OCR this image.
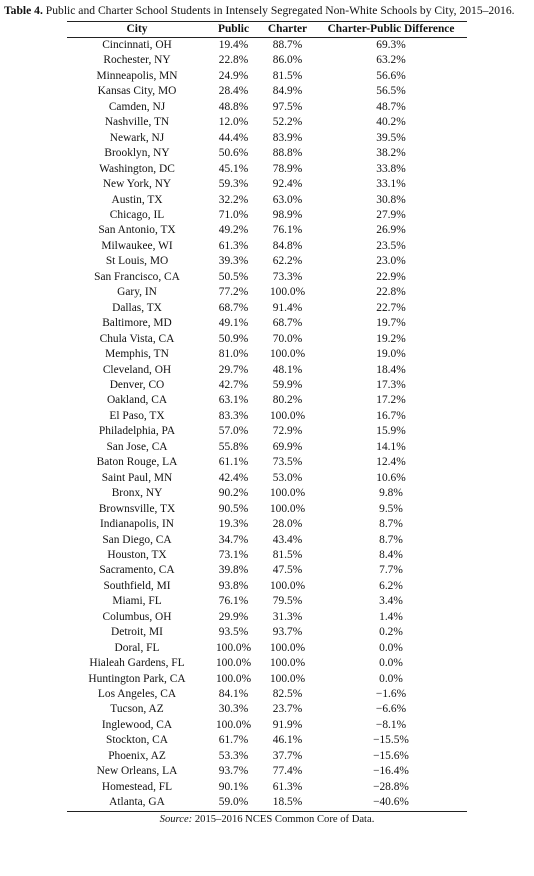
Table 4. Public and Charter School Students in Intensely Segregated Non-White Schools by City, 2015–2016.

City	Public	Charter	Charter-Public Difference
Cincinnati, OH	19.4%	88.7%	69.3%
Rochester, NY	22.8%	86.0%	63.2%
Minneapolis, MN	24.9%	81.5%	56.6%
Kansas City, MO	28.4%	84.9%	56.5%
Camden, NJ	48.8%	97.5%	48.7%
Nashville, TN	12.0%	52.2%	40.2%
Newark, NJ	44.4%	83.9%	39.5%
Brooklyn, NY	50.6%	88.8%	38.2%
Washington, DC	45.1%	78.9%	33.8%
New York, NY	59.3%	92.4%	33.1%
Austin, TX	32.2%	63.0%	30.8%
Chicago, IL	71.0%	98.9%	27.9%
San Antonio, TX	49.2%	76.1%	26.9%
Milwaukee, WI	61.3%	84.8%	23.5%
St Louis, MO	39.3%	62.2%	23.0%
San Francisco, CA	50.5%	73.3%	22.9%
Gary, IN	77.2%	100.0%	22.8%
Dallas, TX	68.7%	91.4%	22.7%
Baltimore, MD	49.1%	68.7%	19.7%
Chula Vista, CA	50.9%	70.0%	19.2%
Memphis, TN	81.0%	100.0%	19.0%
Cleveland, OH	29.7%	48.1%	18.4%
Denver, CO	42.7%	59.9%	17.3%
Oakland, CA	63.1%	80.2%	17.2%
El Paso, TX	83.3%	100.0%	16.7%
Philadelphia, PA	57.0%	72.9%	15.9%
San Jose, CA	55.8%	69.9%	14.1%
Baton Rouge, LA	61.1%	73.5%	12.4%
Saint Paul, MN	42.4%	53.0%	10.6%
Bronx, NY	90.2%	100.0%	9.8%
Brownsville, TX	90.5%	100.0%	9.5%
Indianapolis, IN	19.3%	28.0%	8.7%
San Diego, CA	34.7%	43.4%	8.7%
Houston, TX	73.1%	81.5%	8.4%
Sacramento, CA	39.8%	47.5%	7.7%
Southfield, MI	93.8%	100.0%	6.2%
Miami, FL	76.1%	79.5%	3.4%
Columbus, OH	29.9%	31.3%	1.4%
Detroit, MI	93.5%	93.7%	0.2%
Doral, FL	100.0%	100.0%	0.0%
Hialeah Gardens, FL	100.0%	100.0%	0.0%
Huntington Park, CA	100.0%	100.0%	0.0%
Los Angeles, CA	84.1%	82.5%	−1.6%
Tucson, AZ	30.3%	23.7%	−6.6%
Inglewood, CA	100.0%	91.9%	−8.1%
Stockton, CA	61.7%	46.1%	−15.5%
Phoenix, AZ	53.3%	37.7%	−15.6%
New Orleans, LA	93.7%	77.4%	−16.4%
Homestead, FL	90.1%	61.3%	−28.8%
Atlanta, GA	59.0%	18.5%	−40.6%
Source: 2015–2016 NCES Common Core of Data.
